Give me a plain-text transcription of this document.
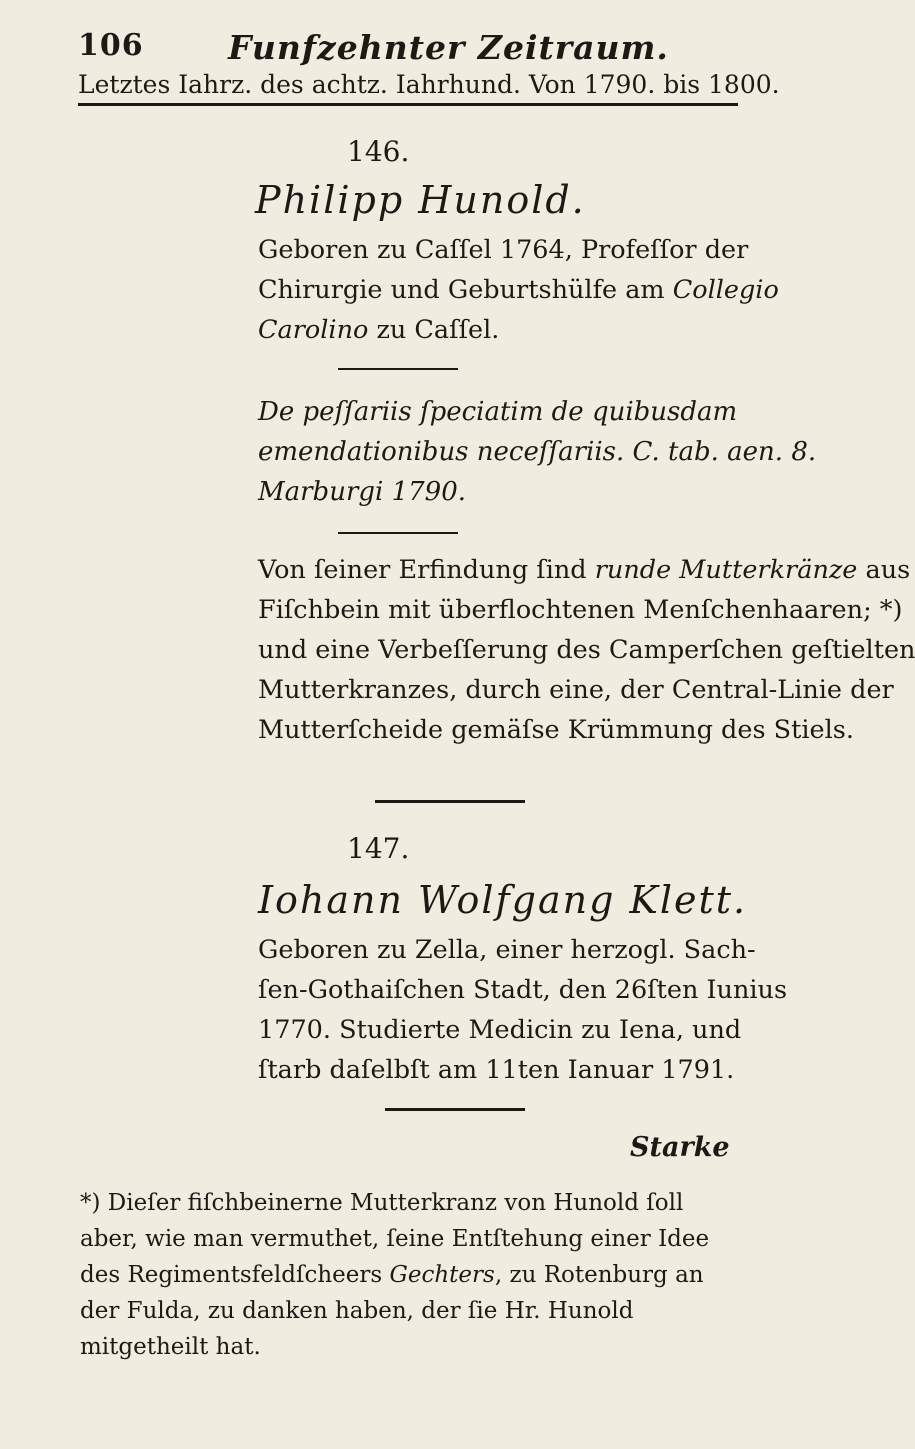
106	Funfzehnter Zeitraum.
Letztes Iahrz. des achtz. Iahrhund. Von 1790. bis 1800.
146.
Philipp Hunold.
Geboren zu Caſſel 1764, Profeſſor der
Chirurgie und Geburtshülfe am Collegio
Carolino zu Caſſel.
De peſſariis ſpeciatim de quibusdam
emendationibus neceſſariis. C. tab. aen. 8.
Marburgi 1790.
Von ſeiner Erfindung ſind runde Mutterkränze aus
Fiſchbein mit überflochtenen Menſchenhaaren; *)
und eine Verbeſſerung des Camperſchen geſtielten
Mutterkranzes, durch eine, der Central-Linie der
Mutterſcheide gemäſse Krümmung des Stiels.
147.
Iohann Wolfgang Klett.
Geboren zu Zella, einer herzogl. Sach-
ſen-Gothaiſchen Stadt, den 26ſten Iunius
1770. Studierte Medicin zu Iena, und
ſtarb daſelbſt am 11ten Ianuar 1791.
Starke
*) Dieſer fiſchbeinerne Mutterkranz von Hunold ſoll
aber, wie man vermuthet, ſeine Entſtehung einer Idee
des Regimentsfeldſcheers Gechters, zu Rotenburg an
der Fulda, zu danken haben, der ſie Hr. Hunold
mitgetheilt hat.
